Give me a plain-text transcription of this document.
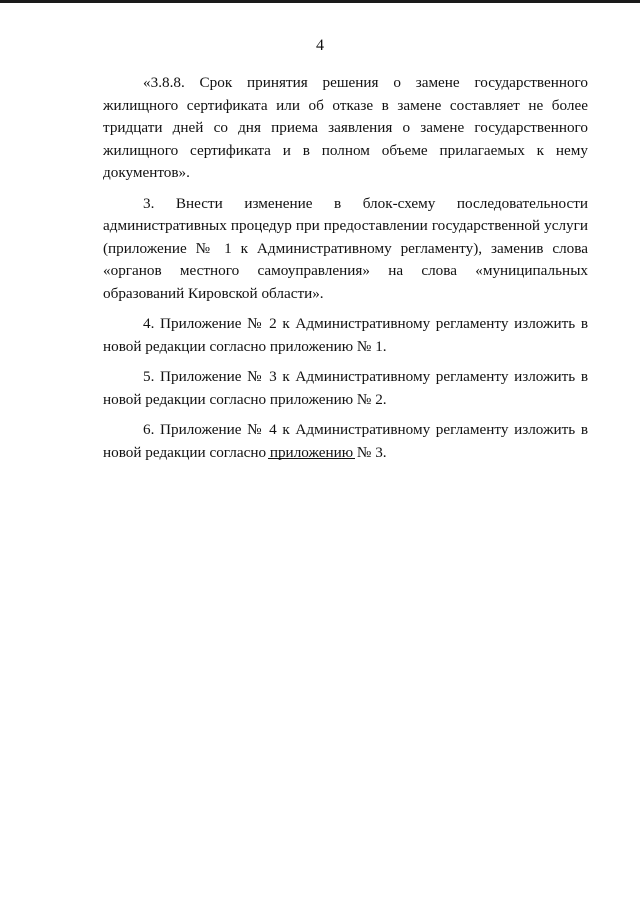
4

«3.8.8. Срок принятия решения о замене государственного жилищного сертификата или об отказе в замене составляет не более тридцати дней со дня приема заявления о замене государственного жилищного сертификата и в полном объеме прилагаемых к нему документов».

3. Внести изменение в блок-схему последовательности административных процедур при предоставлении государственной услуги (приложение № 1 к Административному регламенту), заменив слова «органов местного самоуправления» на слова «муниципальных образований Кировской области».

4. Приложение № 2 к Административному регламенту изложить в новой редакции согласно приложению № 1.

5. Приложение № 3 к Административному регламенту изложить в новой редакции согласно приложению № 2.

6. Приложение № 4 к Административному регламенту изложить в новой редакции согласно приложению № 3.
